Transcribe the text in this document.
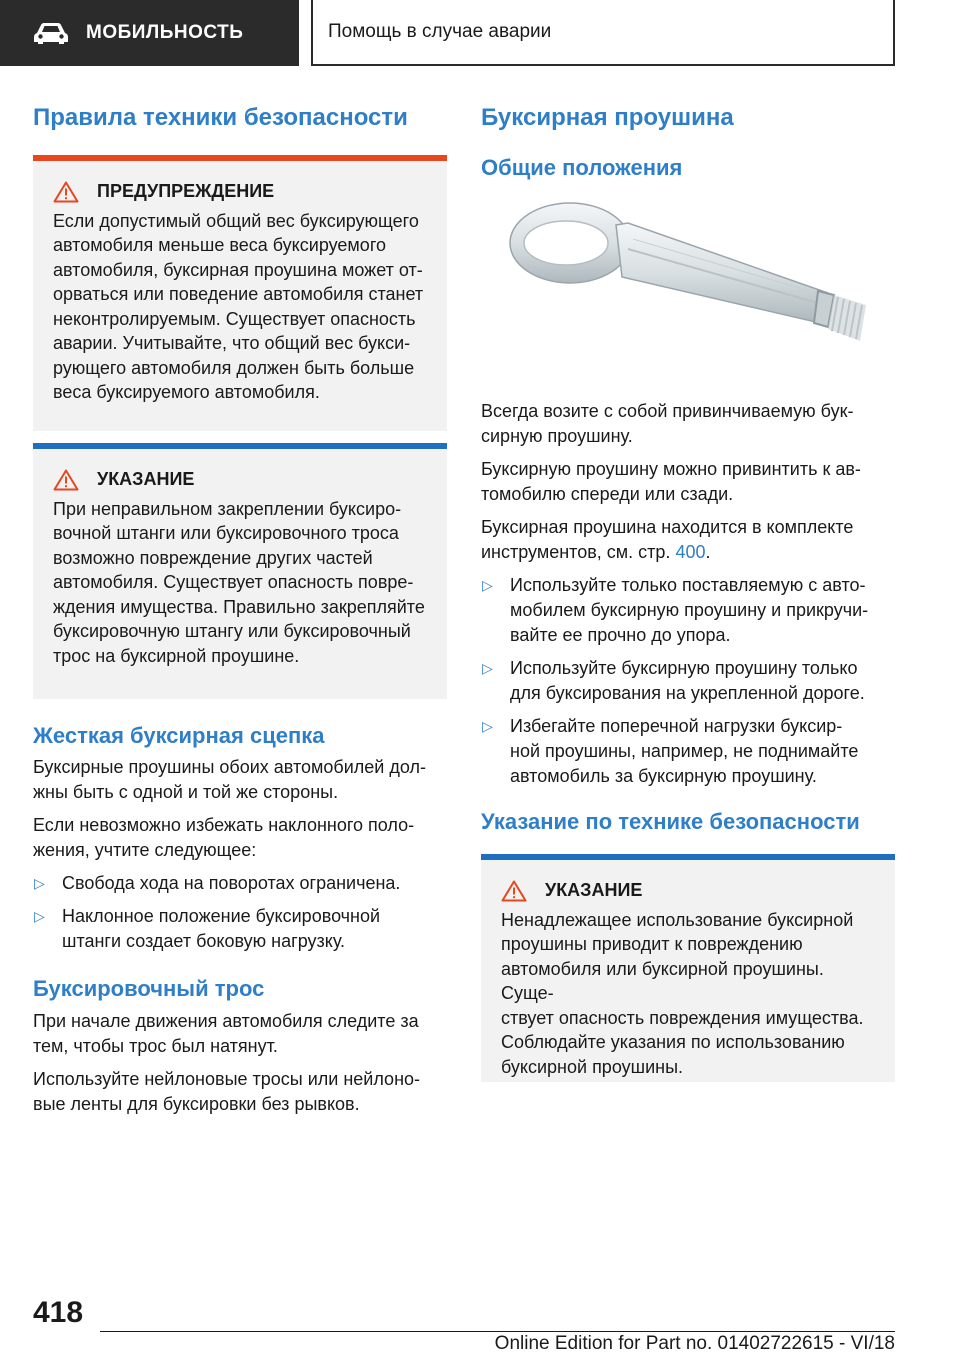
МОБИЛЬНОСТЬ	Помощь в случае аварии
Правила техники безопасности
ПРЕДУПРЕЖДЕНИЕ
Если допустимый общий вес буксирующего
автомобиля меньше веса буксируемого
автомобиля, буксирная проушина может от-
орваться или поведение автомобиля станет
неконтролируемым. Существует опасность
аварии. Учитывайте, что общий вес букси-
рующего автомобиля должен быть больше
веса буксируемого автомобиля.
УКАЗАНИЕ
При неправильном закреплении буксиро-
вочной штанги или буксировочного троса
возможно повреждение других частей
автомобиля. Существует опасность повре-
ждения имущества. Правильно закрепляйте
буксировочную штангу или буксировочный
трос на буксирной проушине.
Жесткая буксирная сцепка

Буксирные проушины обоих автомобилей дол-
жны быть с одной и той же стороны.

Если невозможно избежать наклонного поло-
жения, учтите следующее:

▷ Свобода хода на поворотах ограничена.
▷ Наклонное положение буксировочной
штанги создает боковую нагрузку.
Буксировочный трос

При начале движения автомобиля следите за
тем, чтобы трос был натянут.

Используйте нейлоновые тросы или нейлоно-
вые ленты для буксировки без рывков.

Буксирная проушина
Общие положения

Всегда возите с собой привинчиваемую бук-
сирную проушину.

Буксирную проушину можно привинтить к ав-
томобилю спереди или сзади.

Буксирная проушина находится в комплекте
инструментов, см. стр. 400.

▷ Используйте только поставляемую с авто-
мобилем буксирную проушину и прикручи-
вайте ее прочно до упора.
▷ Используйте буксирную проушину только
для буксирования на укрепленной дороге.
▷ Избегайте поперечной нагрузки буксир-
ной проушины, например, не поднимайте
автомобиль за буксирную проушину.
Указание по технике безопасности
УКАЗАНИЕ
Ненадлежащее использование буксирной
проушины приводит к повреждению
автомобиля или буксирной проушины. Суще-
ствует опасность повреждения имущества.
Соблюдайте указания по использованию
буксирной проушины.
418
Online Edition for Part no. 01402722615 - VI/18
